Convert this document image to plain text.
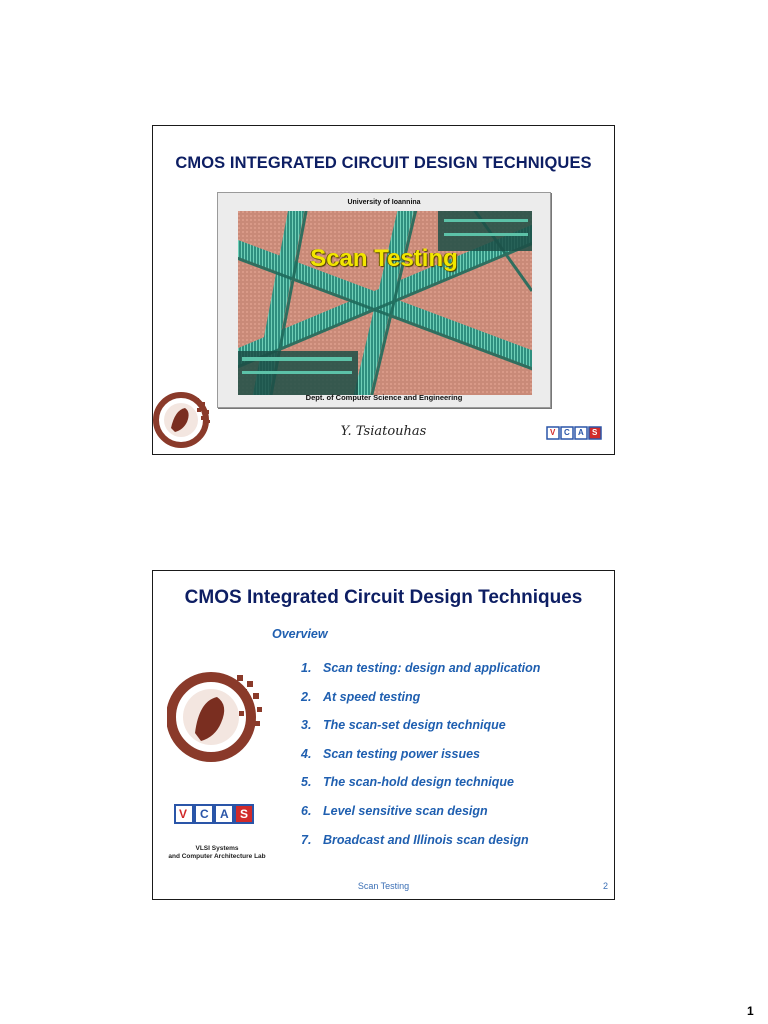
CMOS INTEGRATED CIRCUIT DESIGN TECHNIQUES
University of Ioannina
Scan Testing
Dept. of Computer Science and Engineering
Y. Tsiatouhas	V C A S
CMOS Integrated Circuit Design Techniques
Overview
1. Scan testing: design and application
2. At speed testing
3. The scan-set design technique
4. Scan testing power issues
5. The scan-hold design technique
6. Level sensitive scan design
7. Broadcast and Illinois scan design
V C A S
VLSI Systems
and Computer Architecture Lab
Scan Testing	2
1
